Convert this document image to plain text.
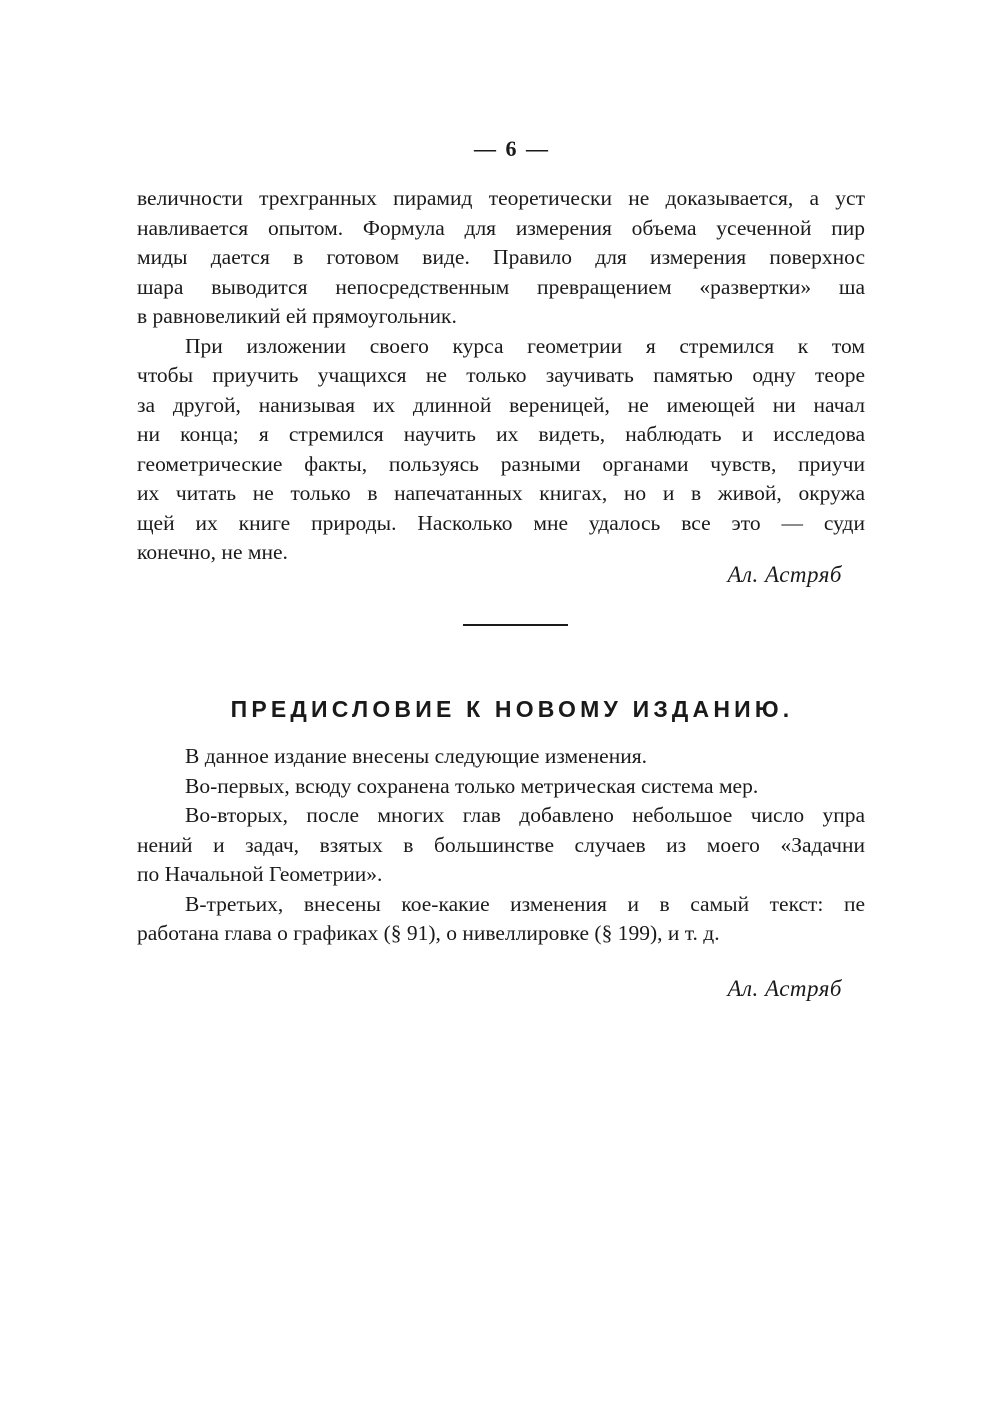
— 6 —
величности трехгранных пирамид теоретически не доказывается, а уст
навливается опытом. Формула для измерения объема усеченной пир
миды дается в готовом виде. Правило для измерения поверхнос
шара выводится непосредственным превращением «развертки» ша
в равновеликий ей прямоугольник.
При изложении своего курса геометрии я стремился к том
чтобы приучить учащихся не только заучивать памятью одну теоре
за другой, нанизывая их длинной вереницей, не имеющей ни начал
ни конца; я стремился научить их видеть, наблюдать и исследова
геометрические факты, пользуясь разными органами чувств, приучи
их читать не только в напечатанных книгах, но и в живой, окружа
щей их книге природы. Насколько мне удалось все это — суди
конечно, не мне.
Ал. Астряб
ПРЕДИСЛОВИЕ К НОВОМУ ИЗДАНИЮ.
В данное издание внесены следующие изменения.
Во-первых, всюду сохранена только метрическая система мер.
Во-вторых, после многих глав добавлено небольшое число упра
нений и задач, взятых в большинстве случаев из моего «Задачни
по Начальной Геометрии».
В-третьих, внесены кое-какие изменения и в самый текст: пе
работана глава о графиках (§ 91), о нивеллировке (§ 199), и т. д.
Ал. Астряб
